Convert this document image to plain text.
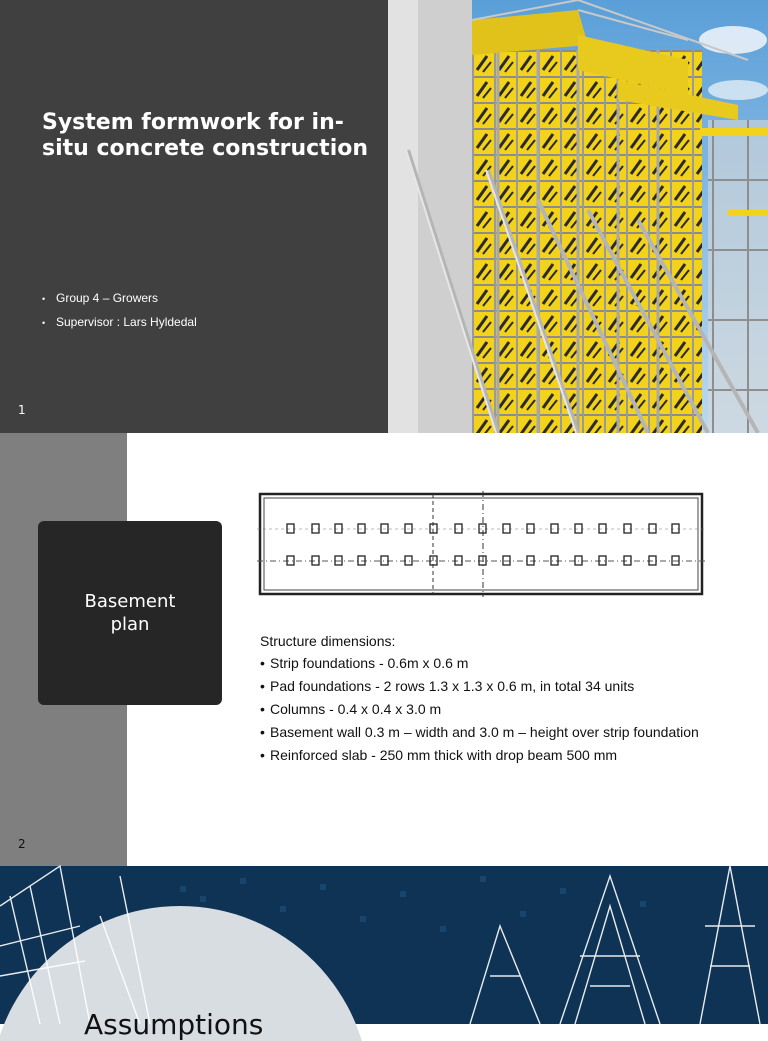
System formwork for in-situ concrete construction
• Group 4 – Growers
• Supervisor : Lars Hyldedal
1
Basement plan
Structure dimensions:
• Strip foundations - 0.6m x 0.6 m
• Pad foundations - 2 rows 1.3 x 1.3 x 0.6 m, in total 34 units
• Columns - 0.4 x 0.4 x 3.0 m
• Basement wall 0.3 m – width and 3.0 m – height over strip foundation
• Reinforced slab - 250 mm thick with drop beam 500 mm
2
Assumptions
